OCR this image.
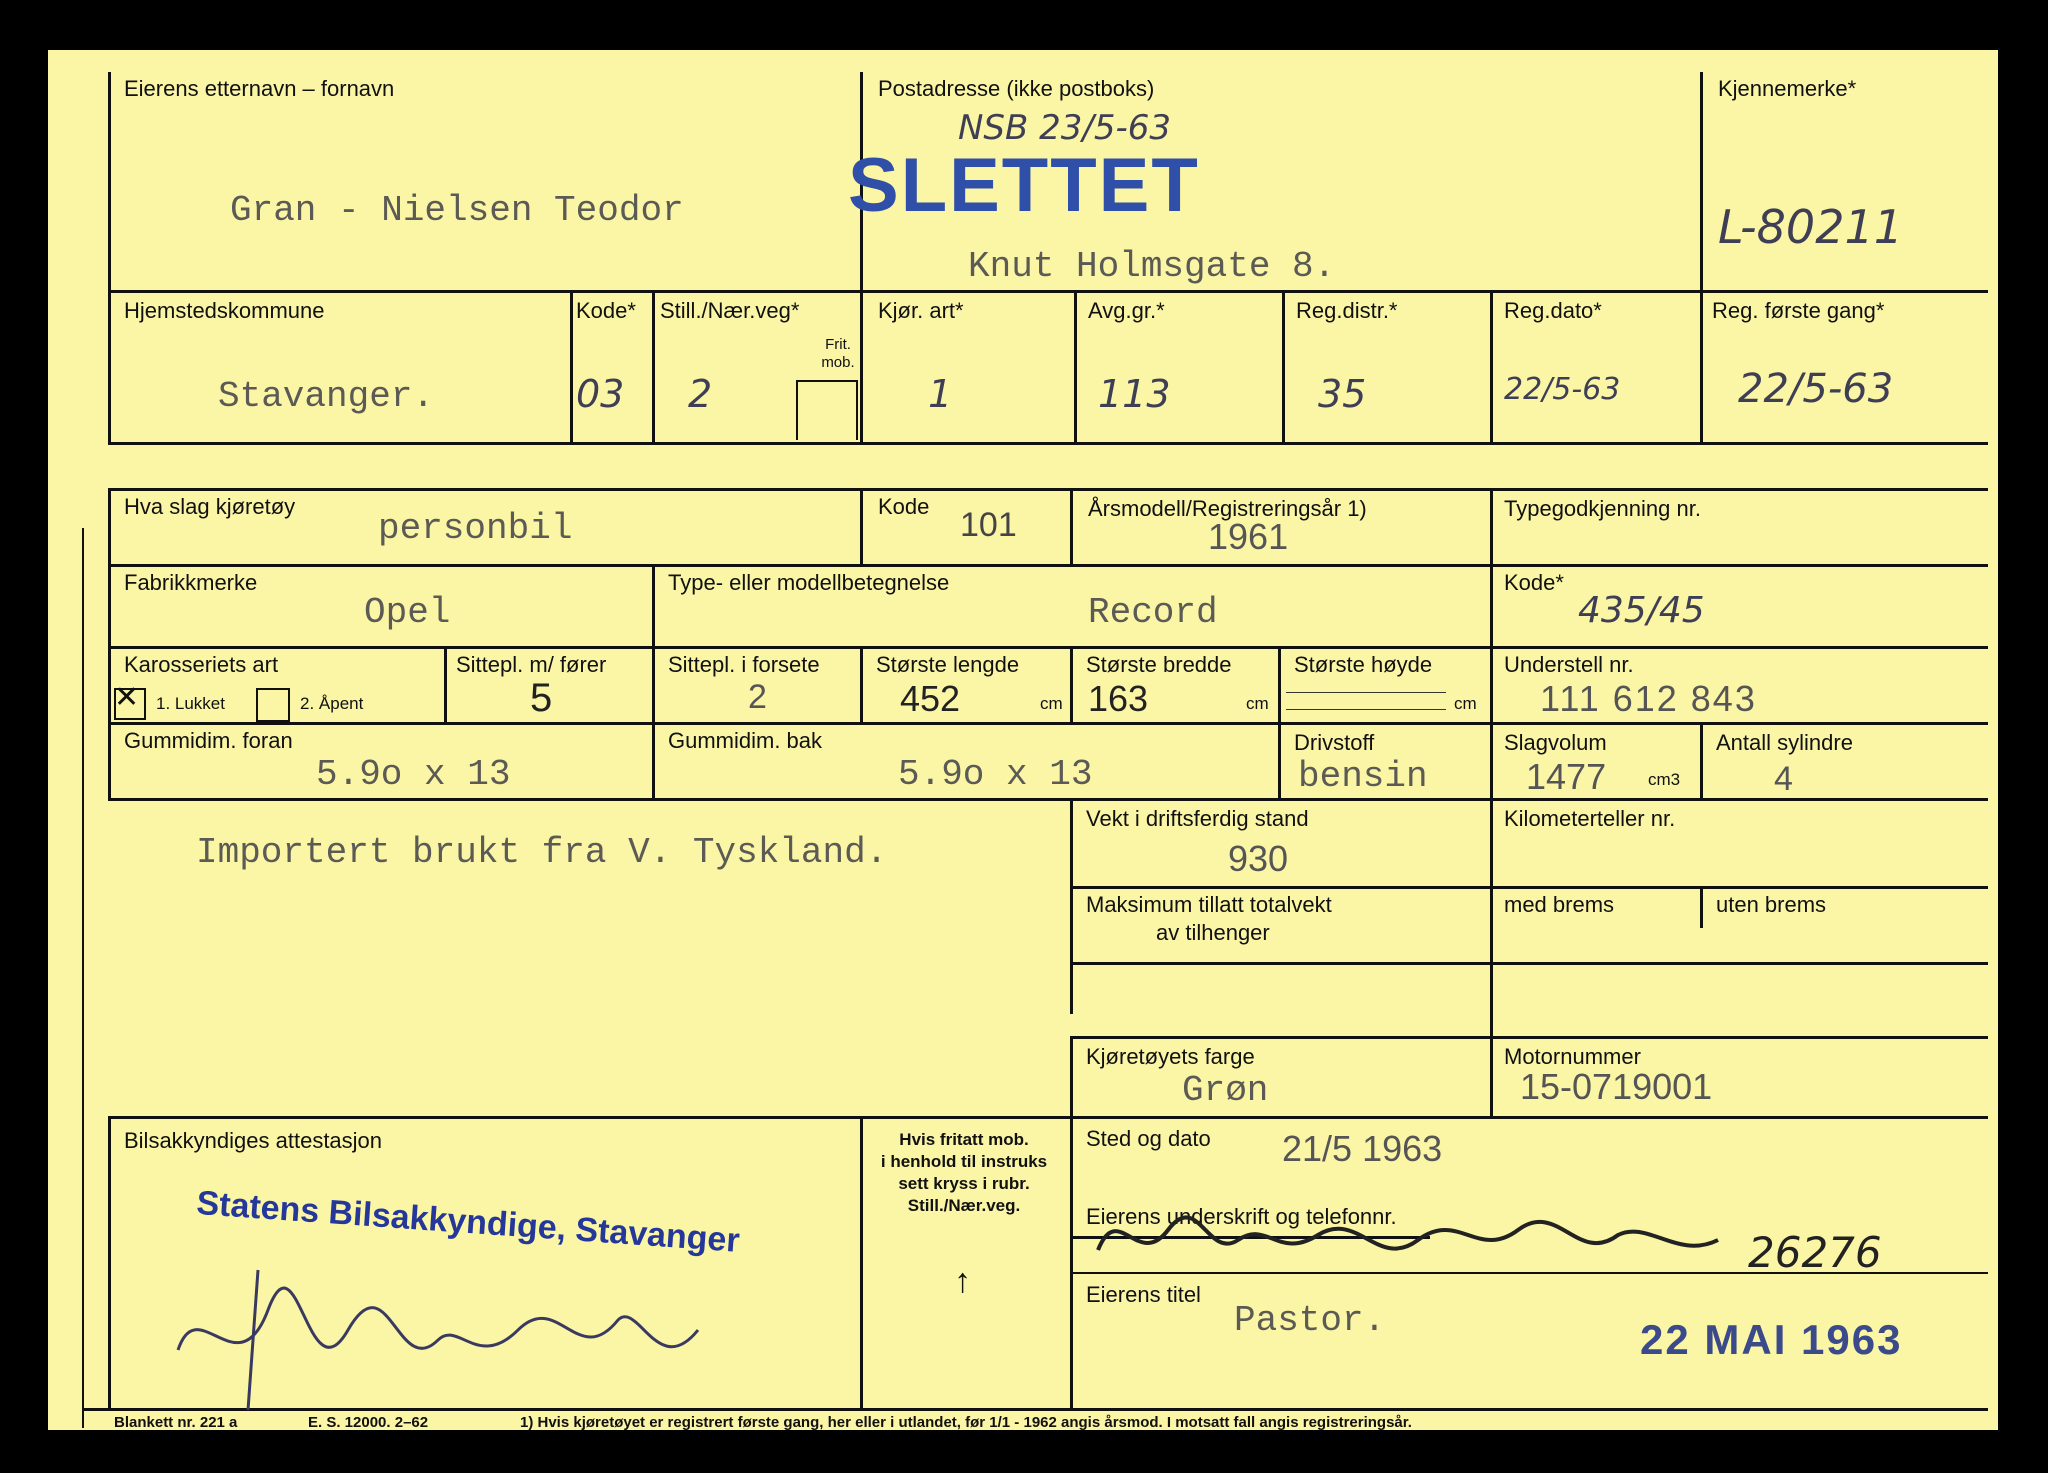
Eierens etternavn – fornavn
Gran - Nielsen Teodor
Postadresse (ikke postboks)
NSB 23/5-63
SLETTET
Knut Holmsgate 8.
Kjennemerke*
L-80211
Hjemstedskommune
Stavanger.
Kode*
03
Still./Nær.veg*
2
Frit. mob.
Kjør. art*
1
Avg.gr.*
113
Reg.distr.*
35
Reg.dato*
22/5-63
Reg. første gang*
22/5-63
Hva slag kjøretøy
personbil
Kode 101	Årsmodell/Registreringsår 1)
1961
Typegodkjenning nr.
Fabrikkmerke
Opel
Type- eller modellbetegnelse
Record
Kode*
435/45
Karosseriets art
✕ 1. Lukket	2. Åpent
Sittepl. m/ fører
5
Sittepl. i forsete
2
Største lengde
452	cm
Største bredde
163	cm
Største høyde
cm
Understell nr.
111 612 843
Gummidim. foran
5.9o x 13
Gummidim. bak
5.9o x 13
Drivstoff
bensin
Slagvolum
1477 cm3
Antall sylindre
4
Importert brukt fra V. Tyskland.
Vekt i driftsferdig stand
930
Kilometerteller nr.
Maksimum tillatt totalvekt
av tilhenger
med brems	uten brems
Kjøretøyets farge
Grøn
Motornummer
15-0719001
Bilsakkyndiges attestasjon
Statens Bilsakkyndige, Stavanger
Hvis fritatt mob.
i henhold til instruks
sett kryss i rubr.
Still./Nær.veg.
↑
Sted og dato 21/5 1963
Eierens underskrift og telefonnr.
26276
Eierens titel
Pastor.	22 MAI 1963
Blankett nr. 221 a	E. S. 12000. 2–62	1) Hvis kjøretøyet er registrert første gang, her eller i utlandet, før 1/1 - 1962 angis årsmod. I motsatt fall angis registreringsår.
